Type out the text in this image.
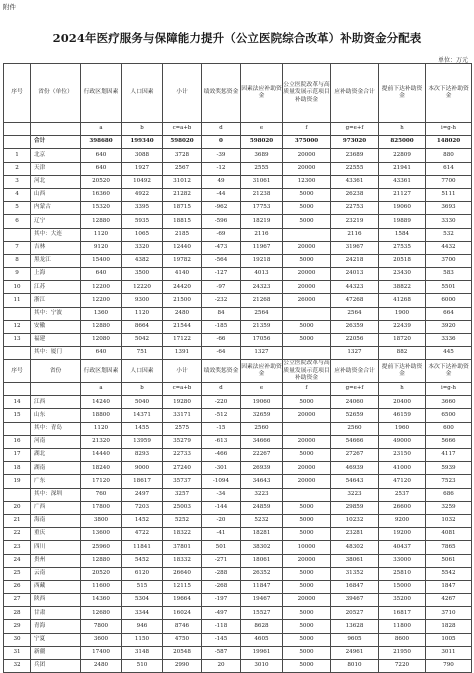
附件
2024年医疗服务与保障能力提升（公立医院综合改革）补助资金分配表
单位：万元
序号	省份（单位）	行政区划因素	人口因素	小计	绩效奖惩资金	因素法应补助资金	公立医院改革与高质量发展示范项目补助资金	应补助资金合计	提前下达补助资金	本次下达补助资金
		a	b	c=a+b	d	e	f	g=e+f	h	i=g-h
	合计	398680	199340	598020	0	598020	375000	973020	825000	148020
1	北京	640	3088	3728	-39	3689	20000	23689	22809	880
2	天津	640	1927	2567	-12	2555	20000	22555	21941	614
3	河北	20520	10492	31012	49	31061	12300	43361	43361	7700
4	山西	16360	4922	21282	-44	21238	5000	26238	21127	5111
5	内蒙古	15320	3395	18715	-962	17753	5000	22753	19060	3693
6	辽宁	12880	5935	18815	-596	18219	5000	23219	19889	3330
	其中：大连	1120	1065	2185	-69	2116		2116	1584	532
7	吉林	9120	3320	12440	-473	11967	20000	31967	27535	4432
8	黑龙江	15400	4382	19782	-564	19218	5000	24218	20518	3700
9	上海	640	3500	4140	-127	4013	20000	24013	23430	583
10	江苏	12200	12220	24420	-97	24323	20000	44323	38822	5501
11	浙江	12200	9300	21500	-232	21268	26000	47268	41268	6000
	其中：宁波	1360	1120	2480	84	2564		2564	1900	664
12	安徽	12880	8664	21544	-185	21359	5000	26359	22439	3920
13	福建	12080	5042	17122	-66	17056	5000	22056	18720	3336
	其中：厦门	640	751	1391	-64	1327		1327	882	445
序号	省份	行政区划因素	人口因素	小计	绩效奖惩资金	因素法应补助资金	公立医院改革与高质量发展示范项目补助资金	应补助资金合计	提前下达补助资金	本次下达补助资金
		a	b	c=a+b	d	e	f	g=e+f	h	i=g-h
14	江西	14240	5040	19280	-220	19060	5000	24060	20400	3660
15	山东	18800	14371	33171	-512	32659	20000	52659	46159	6500
	其中：青岛	1120	1455	2575	-15	2560		2560	1960	600
16	河南	21320	13959	35279	-613	34666	20000	54666	49000	5666
17	湖北	14440	8293	22733	-466	22267	5000	27267	23150	4117
18	湖南	18240	9000	27240	-301	26939	20000	46939	41000	5939
19	广东	17120	18617	35737	-1094	34643	20000	54643	47120	7523
	其中：深圳	760	2497	3257	-34	3223		3223	2537	686
20	广西	17800	7203	25003	-144	24859	5000	29859	26600	3259
21	海南	3800	1452	5252	-20	5232	5000	10232	9200	1032
22	重庆	13600	4722	18322	-41	18281	5000	23281	19200	4081
23	四川	25960	11841	37801	501	38302	10000	48302	40437	7865
24	贵州	12880	5452	18332	-271	18061	20000	38061	33000	5061
25	云南	20520	6120	26640	-288	26352	5000	31352	25810	5542
26	西藏	11600	515	12115	-268	11847	5000	16847	15000	1847
27	陕西	14360	5304	19664	-197	19467	20000	39467	35200	4267
28	甘肃	12680	3344	16024	-497	15527	5000	20527	16817	3710
29	青海	7800	946	8746	-118	8628	5000	13628	11800	1828
30	宁夏	3600	1150	4750	-145	4605	5000	9605	8600	1005
31	新疆	17400	3148	20548	-587	19961	5000	24961	21950	3011
32	兵团	2480	510	2990	20	3010	5000	8010	7220	790
